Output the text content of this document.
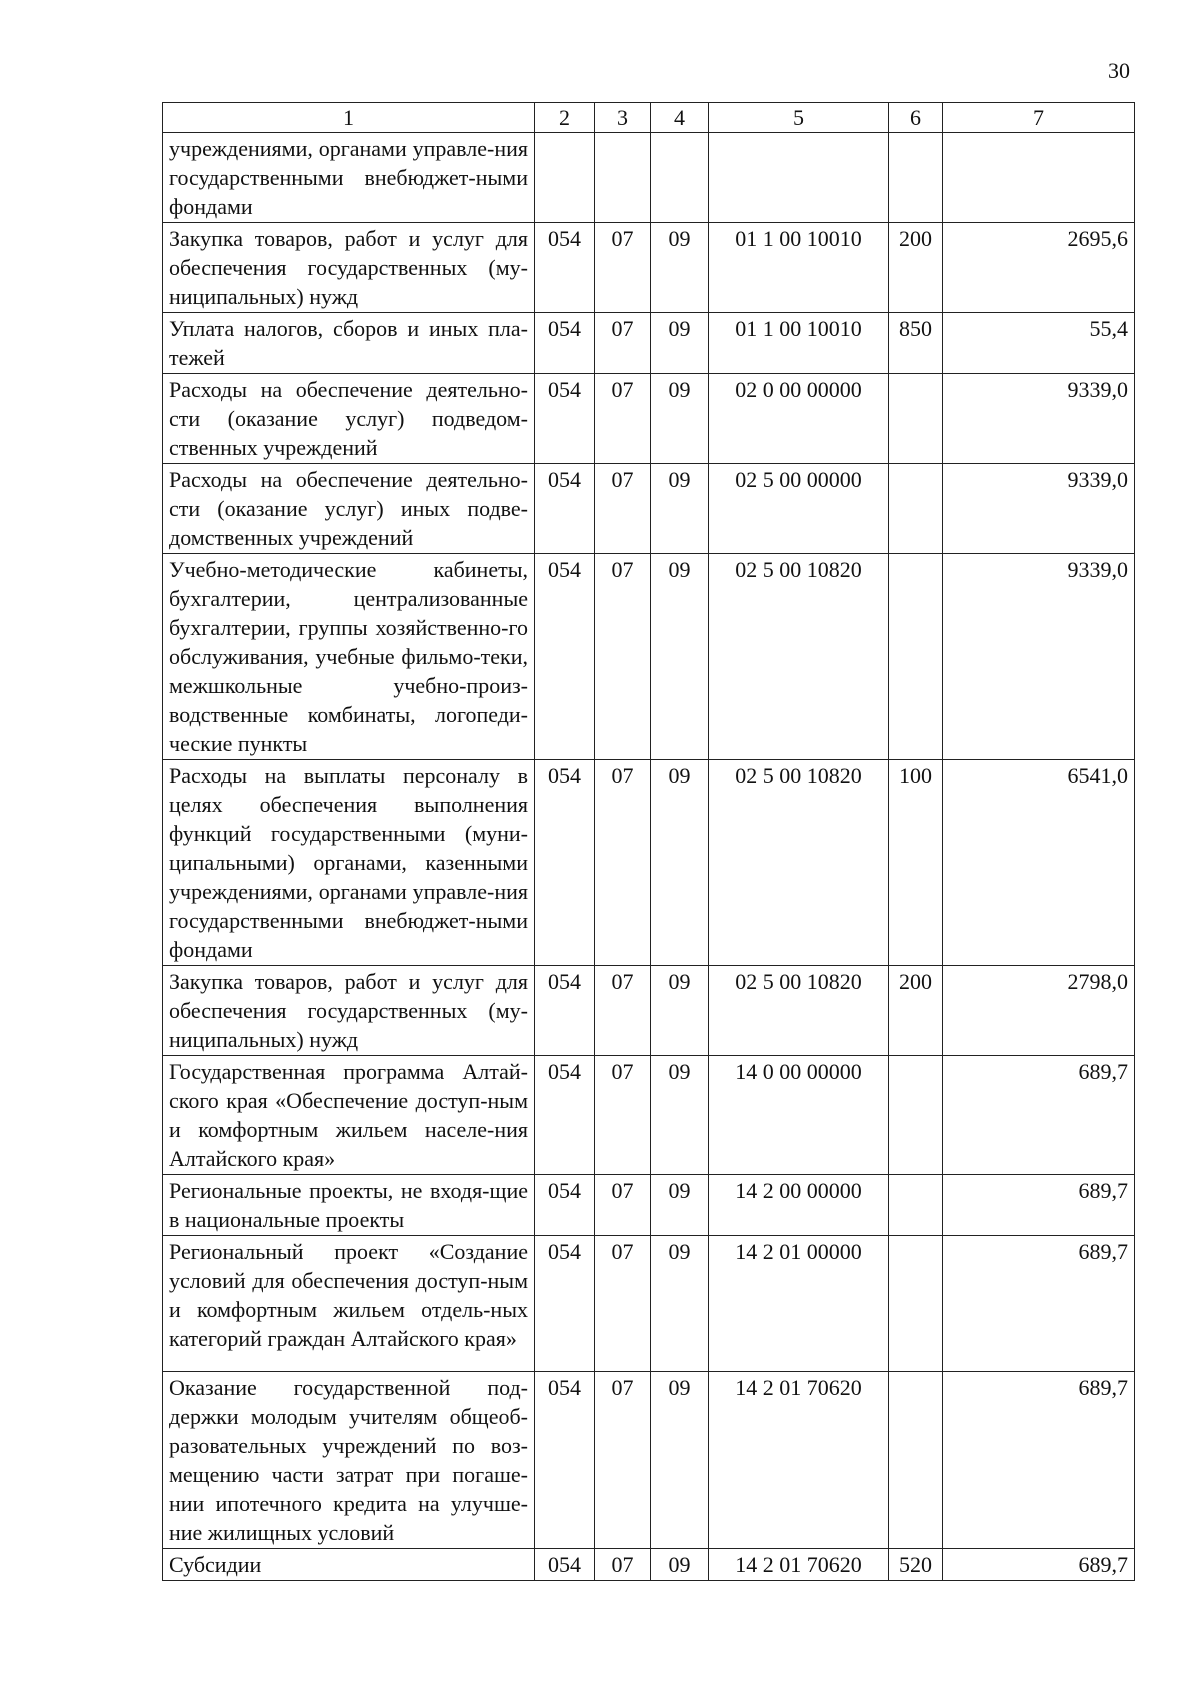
30
1	2	3	4	5	6	7
учреждениями, органами управле-ния государственными внебюджет-ными фондами						
Закупка товаров, работ и услуг для обеспечения государственных (му-ниципальных) нужд	054	07	09	01 1 00 10010	200	2695,6
Уплата налогов, сборов и иных пла-тежей	054	07	09	01 1 00 10010	850	55,4
Расходы на обеспечение деятельно-сти (оказание услуг) подведом-ственных учреждений	054	07	09	02 0 00 00000		9339,0
Расходы на обеспечение деятельно-сти (оказание услуг) иных подве-домственных учреждений	054	07	09	02 5 00 00000		9339,0
Учебно-методические кабинеты, бухгалтерии, централизованные бухгалтерии, группы хозяйственно-го обслуживания, учебные фильмо-теки, межшкольные учебно-произ-водственные комбинаты, логопеди-ческие пункты	054	07	09	02 5 00 10820		9339,0
Расходы на выплаты персоналу в целях обеспечения выполнения функций государственными (муни-ципальными) органами, казенными учреждениями, органами управле-ния государственными внебюджет-ными фондами	054	07	09	02 5 00 10820	100	6541,0
Закупка товаров, работ и услуг для обеспечения государственных (му-ниципальных) нужд	054	07	09	02 5 00 10820	200	2798,0
Государственная программа Алтай-ского края «Обеспечение доступ-ным и комфортным жильем населе-ния Алтайского края»	054	07	09	14 0 00 00000		689,7
Региональные проекты, не входя-щие в национальные проекты	054	07	09	14 2 00 00000		689,7
Региональный проект «Создание условий для обеспечения доступ-ным и комфортным жильем отдель-ных категорий граждан Алтайского края»	054	07	09	14 2 01 00000		689,7
Оказание государственной под-держки молодым учителям общеоб-разовательных учреждений по воз-мещению части затрат при погаше-нии ипотечного кредита на улучше-ние жилищных условий	054	07	09	14 2 01 70620		689,7
Субсидии	054	07	09	14 2 01 70620	520	689,7
